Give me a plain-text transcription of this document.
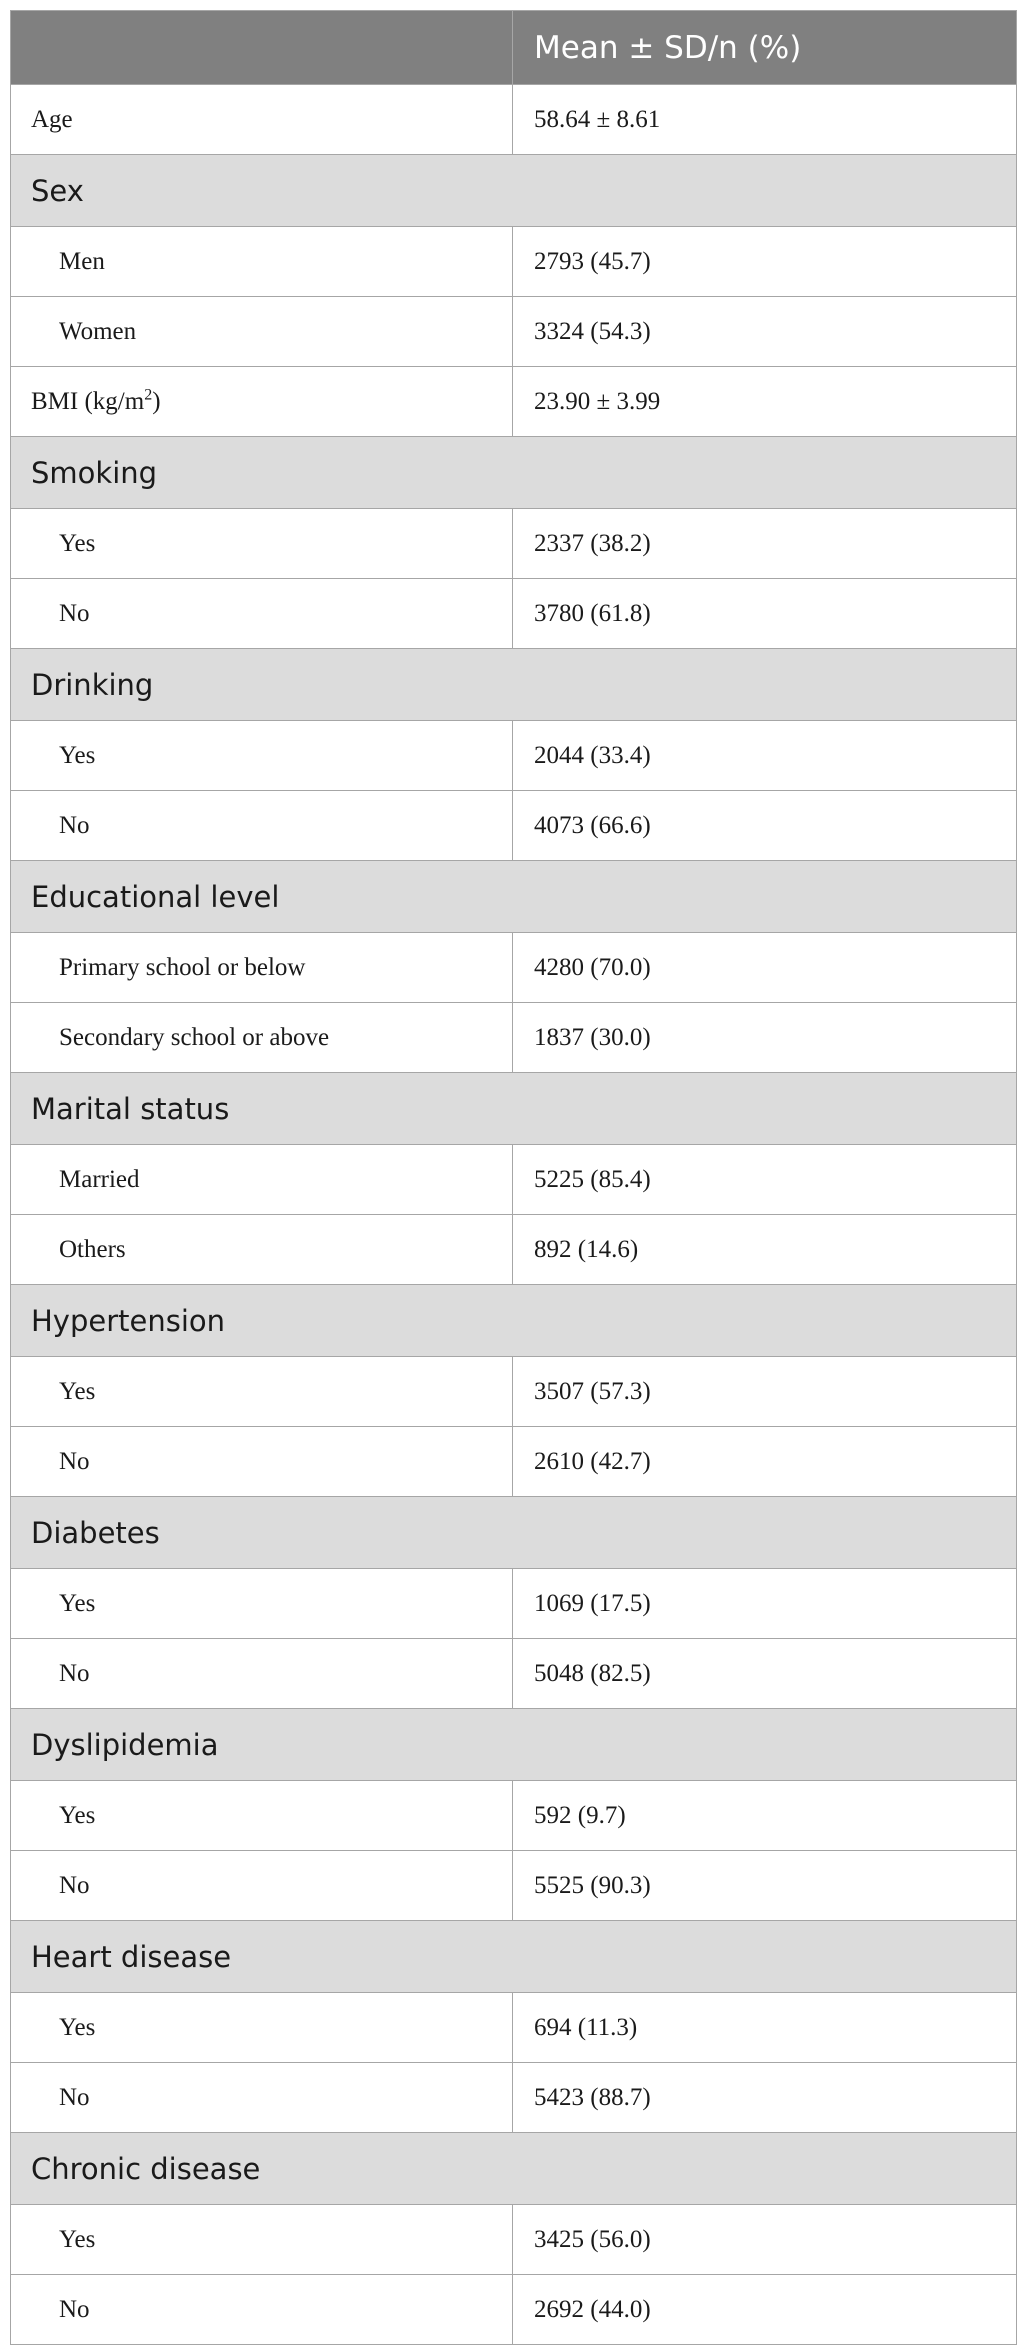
	Mean ± SD/n (%)
Age	58.64 ± 8.61
Sex	
Men	2793 (45.7)
Women	3324 (54.3)
BMI $(kg/m^2)$	23.90 ± 3.99
Smoking	
Yes	2337 (38.2)
No	3780 (61.8)
Drinking	
Yes	2044 (33.4)
No	4073 (66.6)
Educational level	
Primary school or below	4280 (70.0)
Secondary school or above	1837 (30.0)
Marital status	
Married	5225 (85.4)
Others	892 (14.6)
Hypertension	
Yes	3507 (57.3)
No	2610 (42.7)
Diabetes	
Yes	1069 (17.5)
No	5048 (82.5)
Dyslipidemia	
Yes	592 (9.7)
No	5525 (90.3)
Heart disease	
Yes	694 (11.3)
No	5423 (88.7)
Chronic disease	
Yes	3425 (56.0)
No	2692 (44.0)
